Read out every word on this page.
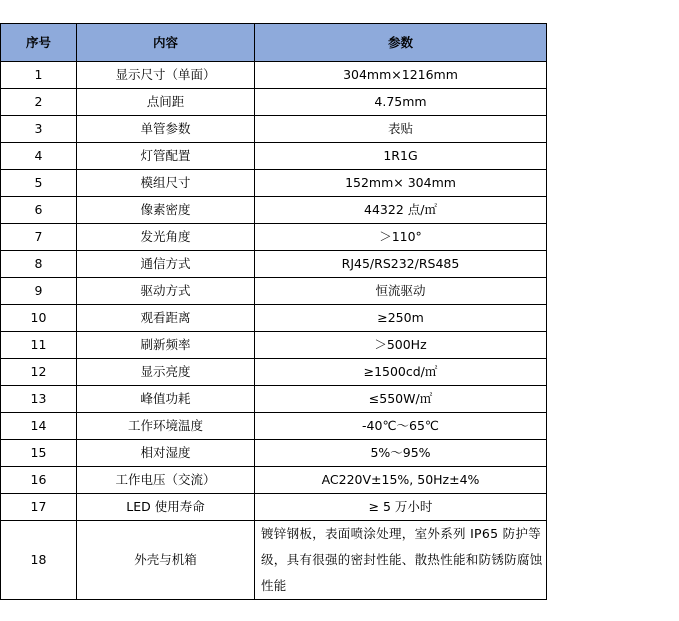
序号	内容	参数
1	显示尺寸（单面）	304mm×1216mm
2	点间距	4.75mm
3	单管参数	表贴
4	灯管配置	1R1G
5	模组尺寸	152mm× 304mm
6	像素密度	44322 点/㎡
7	发光角度	＞110°
8	通信方式	RJ45/RS232/RS485
9	驱动方式	恒流驱动
10	观看距离	≥250m
11	刷新频率	＞500Hz
12	显示亮度	≥1500cd/㎡
13	峰值功耗	≤550W/㎡
14	工作环境温度	-40℃～65℃
15	相对湿度	5%～95%
16	工作电压（交流）	AC220V±15%, 50Hz±4%
17	LED 使用寿命	≥ 5 万小时
18	外壳与机箱	镀锌钢板，表面喷涂处理，室外系列 IP65 防护等级，具有很强的密封性能、散热性能和防锈防腐蚀性能
